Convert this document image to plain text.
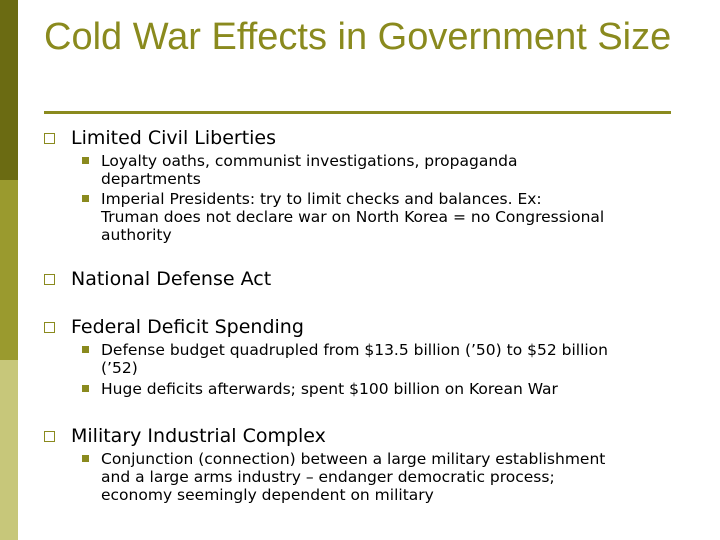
Cold War Effects in Government Size
Limited Civil Liberties
Loyalty oaths, communist investigations, propaganda
departments
Imperial Presidents: try to limit checks and balances. Ex:
Truman does not declare war on North Korea = no Congressional
authority
National Defense Act
Federal Deficit Spending
Defense budget quadrupled from $13.5 billion (’50) to $52 billion
(’52)
Huge deficits afterwards; spent $100 billion on Korean War
Military Industrial Complex
Conjunction (connection) between a large military establishment
and a large arms industry – endanger democratic process;
economy seemingly dependent on military
